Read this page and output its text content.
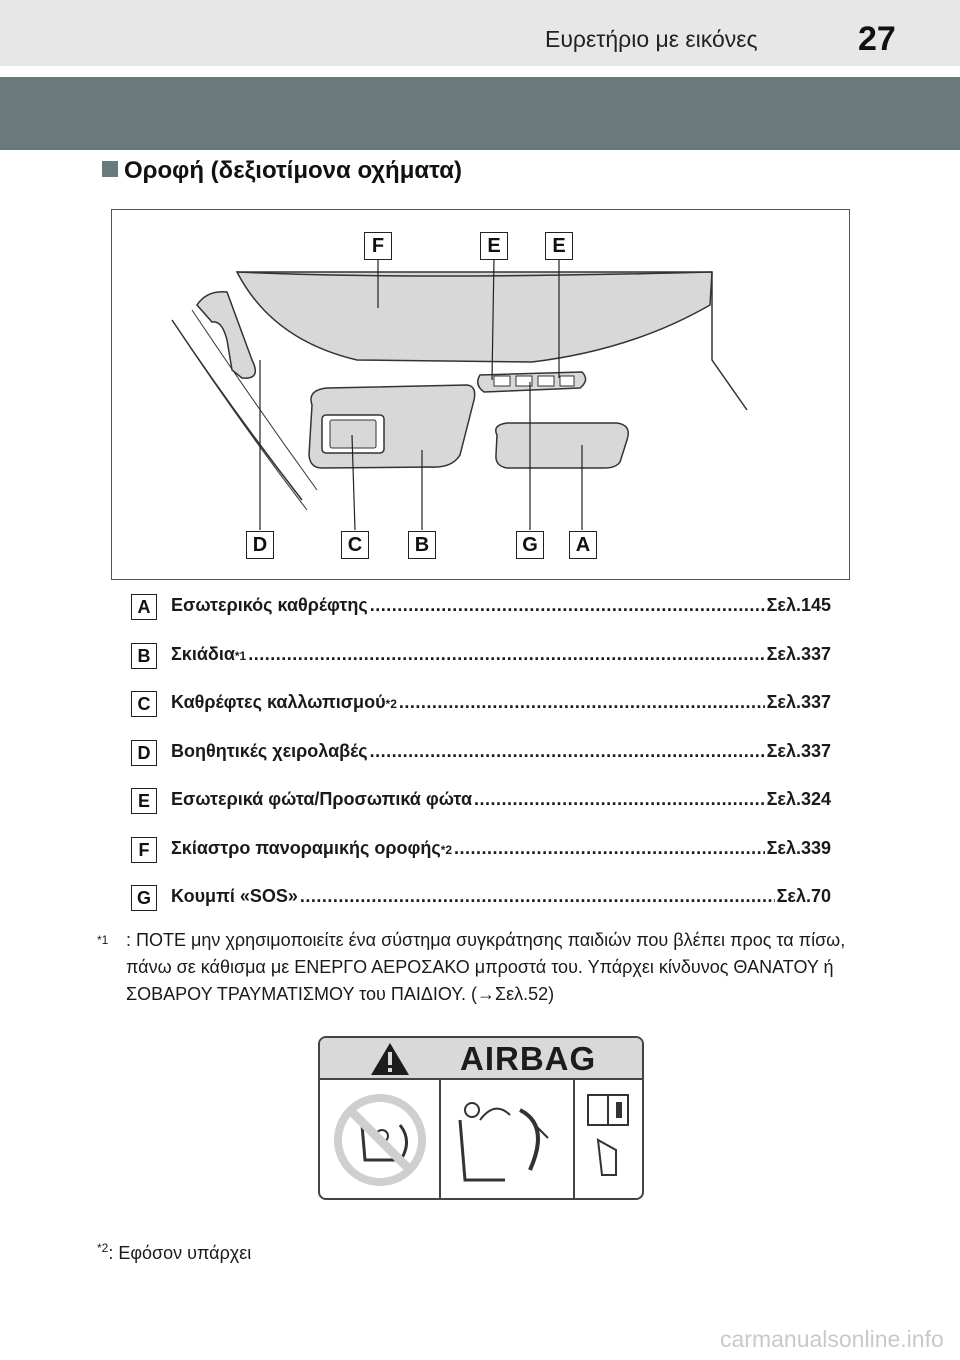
Ευρετήριο με εικόνες	27
Οροφή (δεξιοτίμονα οχήματα)
F	E	E
D	C	B	G	A
A	Εσωτερικός καθρέφτης .....	Σελ.145
B	Σκιάδια *1 .....	Σελ.337
C	Καθρέφτες καλλωπισμού *2 .....	Σελ.337
D	Βοηθητικές χειρολαβές .....	Σελ.337
E	Εσωτερικά φώτα/Προσωπικά φώτα .....	Σελ.324
F	Σκίαστρο πανοραμικής οροφής *2 .....	Σελ.339
G	Κουμπί «SOS» .....	Σελ.70
*1 : ΠΟΤΕ μην χρησιμοποιείτε ένα σύστημα συγκράτησης παιδιών που βλέπει προς τα πίσω, πάνω σε κάθισμα με ΕΝΕΡΓΟ ΑΕΡΟΣΑΚΟ μπροστά του. Υπάρχει κίνδυνος ΘΑΝΑΤΟΥ ή ΣΟΒΑΡΟΥ ΤΡΑΥΜΑΤΙΣΜΟΥ του ΠΑΙΔΙΟΥ. (→Σελ.52)
AIRBAG
$^{*2}$: Εφόσον υπάρχει
carmanualsonline.info
